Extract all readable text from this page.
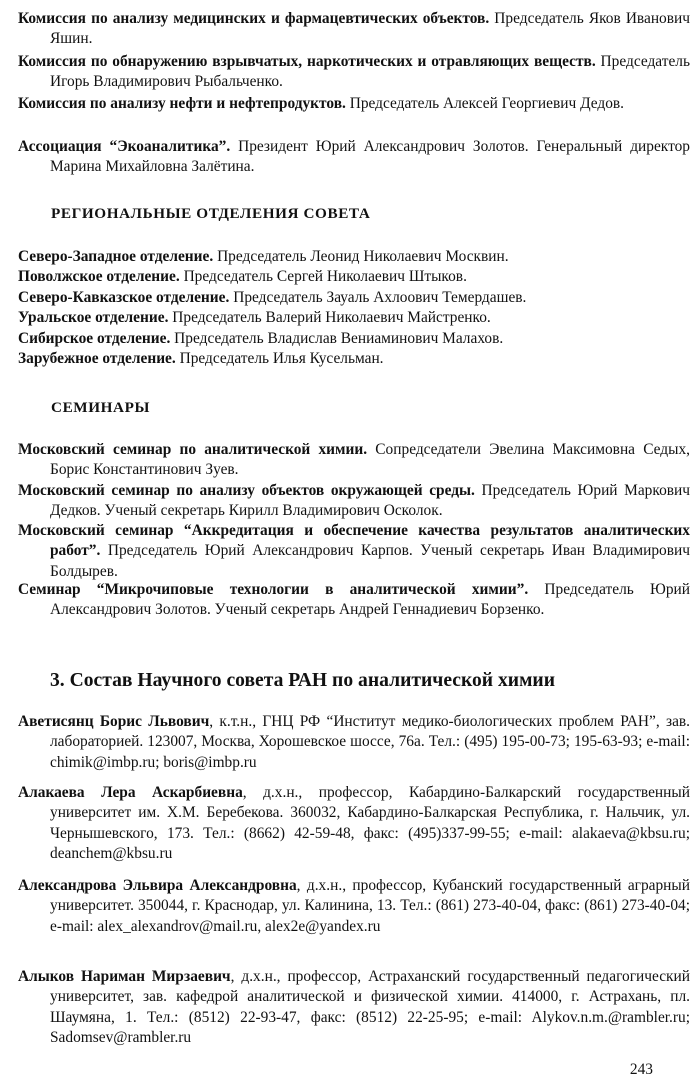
Комиссия по анализу медицинских и фармацевтических объектов. Председатель Яков Иванович Яшин.
Комиссия по обнаружению взрывчатых, наркотических и отравляющих веществ. Председатель Игорь Владимирович Рыбальченко.
Комиссия по анализу нефти и нефтепродуктов. Председатель Алексей Георгиевич Дедов.
Ассоциация “Экоаналитика”. Президент Юрий Александрович Золотов. Генеральный директор Марина Михайловна Залётина.
РЕГИОНАЛЬНЫЕ ОТДЕЛЕНИЯ СОВЕТА
Северо-Западное отделение. Председатель Леонид Николаевич Москвин.
Поволжское отделение. Председатель Сергей Николаевич Штыков.
Северо-Кавказское отделение. Председатель Зауаль Ахлоович Темердашев.
Уральское отделение. Председатель Валерий Николаевич Майстренко.
Сибирское отделение. Председатель Владислав Вениаминович Малахов.
Зарубежное отделение. Председатель Илья Кусельман.
СЕМИНАРЫ
Московский семинар по аналитической химии. Сопредседатели Эвелина Максимовна Седых, Борис Константинович Зуев.
Московский семинар по анализу объектов окружающей среды. Председатель Юрий Маркович Дедков. Ученый секретарь Кирилл Владимирович Осколок.
Московский семинар “Аккредитация и обеспечение качества результатов аналитических работ”. Председатель Юрий Александрович Карпов. Ученый секретарь Иван Владимирович Болдырев.
Семинар “Микрочиповые технологии в аналитической химии”. Председатель Юрий Александрович Золотов. Ученый секретарь Андрей Геннадиевич Борзенко.
3. Состав Научного совета РАН по аналитической химии
Аветисянц Борис Львович, к.т.н., ГНЦ РФ “Институт медико-биологических проблем РАН”, зав. лабораторией. 123007, Москва, Хорошевское шоссе, 76а. Тел.: (495) 195-00-73; 195-63-93; e-mail: chimik@imbp.ru; boris@imbp.ru
Алакаева Лера Аскарбиевна, д.х.н., профессор, Кабардино-Балкарский государственный университет им. Х.М. Беребекова. 360032, Кабардино-Балкарская Республика, г. Нальчик, ул. Чернышевского, 173. Тел.: (8662) 42-59-48, факс: (495)337-99-55; e-mail: alakaeva@kbsu.ru; deanchem@kbsu.ru
Александрова Эльвира Александровна, д.х.н., профессор, Кубанский государственный аграрный университет. 350044, г. Краснодар, ул. Калинина, 13. Тел.: (861) 273-40-04, факс: (861) 273-40-04; e-mail: alex_alexandrov@mail.ru, alex2e@yandex.ru
Алыков Нариман Мирзаевич, д.х.н., профессор, Астраханский государственный педагогический университет, зав. кафедрой аналитической и физической химии. 414000, г. Астрахань, пл. Шаумяна, 1. Тел.: (8512) 22-93-47, факс: (8512) 22-25-95; e-mail: Alykov.n.m.@rambler.ru; Sadomsev@rambler.ru
243
